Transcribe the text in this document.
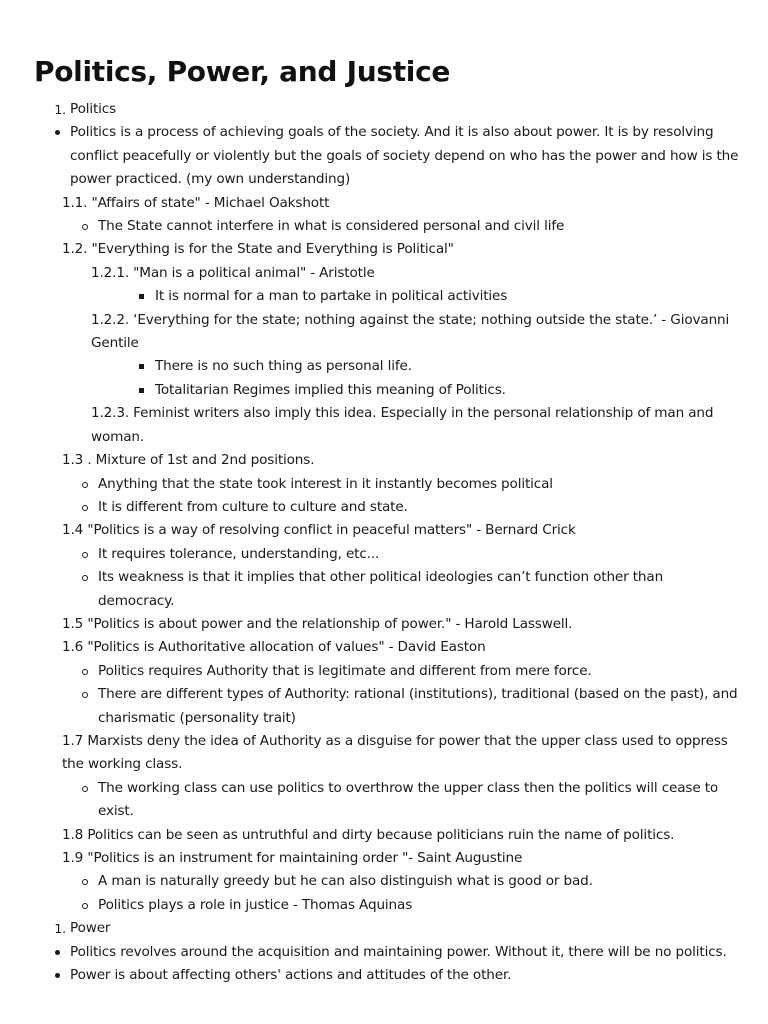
Politics, Power, and Justice
1. Politics
Politics is a process of achieving goals of the society. And it is also about power. It is by resolving conflict peacefully or violently but the goals of society depend on who has the power and how is the power practiced. (my own understanding)
1.1. "Affairs of state" - Michael Oakshott
The State cannot interfere in what is considered personal and civil life
1.2. "Everything is for the State and Everything is Political"
1.2.1. "Man is a political animal" - Aristotle
It is normal for a man to partake in political activities
1.2.2. ‘Everything for the state; nothing against the state; nothing outside the state.’ - Giovanni Gentile
There is no such thing as personal life.
Totalitarian Regimes implied this meaning of Politics.
1.2.3. Feminist writers also imply this idea. Especially in the personal relationship of man and woman.
1.3 . Mixture of 1st and 2nd positions.
Anything that the state took interest in it instantly becomes political
It is different from culture to culture and state.
1.4 "Politics is a way of resolving conflict in peaceful matters" - Bernard Crick
It requires tolerance, understanding, etc...
Its weakness is that it implies that other political ideologies can’t function other than democracy.
1.5 "Politics is about power and the relationship of power." - Harold Lasswell.
1.6 "Politics is Authoritative allocation of values" - David Easton
Politics requires Authority that is legitimate and different from mere force.
There are different types of Authority: rational (institutions), traditional (based on the past), and charismatic (personality trait)
1.7 Marxists deny the idea of Authority as a disguise for power that the upper class used to oppress the working class.
The working class can use politics to overthrow the upper class then the politics will cease to exist.
1.8 Politics can be seen as untruthful and dirty because politicians ruin the name of politics.
1.9 "Politics is an instrument for maintaining order "- Saint Augustine
A man is naturally greedy but he can also distinguish what is good or bad.
Politics plays a role in justice - Thomas Aquinas
1. Power
Politics revolves around the acquisition and maintaining power. Without it, there will be no politics.
Power is about affecting others' actions and attitudes of the other.
